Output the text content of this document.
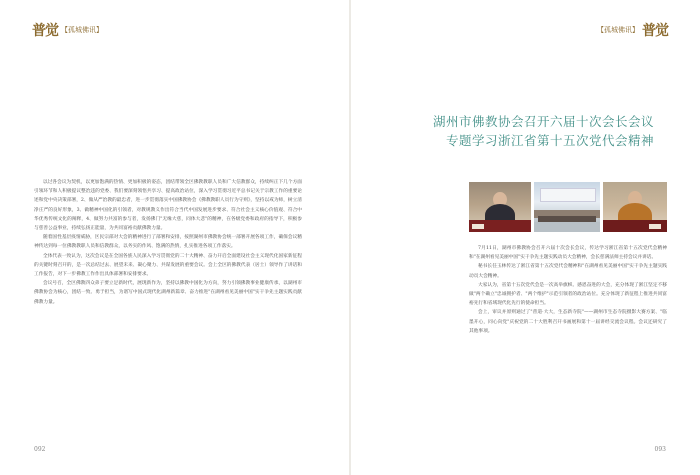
普觉 【孤城佛讯】	【孤城佛讯】 普觉
湖州市佛教协会召开六届十次会长会议
专题学习浙江省第十五次党代会精神

以过各会议为契机，以更加饱满的热情、更加积极的姿态，团结带领全区佛教教职人员和广大信教群众，持续纠正下几个方面引领环节和人积极提议整治违的党委、我们要深刻领悟共享习、提高政治站位，深入学习贯彻习近平总书记关于宗教工作的重要论述和党中央决策部署，2、做从严治教的最忠者，进一步贯彻落实中国佛教协会《佛教教职人员行为守则》，坚持以戒为师，树立清净庄严的良好形象，3、做精神中国化的引领者，对教规教义作出符合当代中国发展进步要求、符合社会主义核心价值观、符合中华优秀传统文化的阐释，4、做努力共富的参与者，发扬佛门"无缘大慈，同体大悲"的精神，在各级党委和政府的指导下，积极参与慈善公益事业，持续弘扬正能量，为共同富裕贡献佛教力量。

随着国性基层疫情威胁，区民宗部对大会的精神进行了部署和安排，按照湖州市佛教协会统一部署开展各项工作，确保会议精神传达到每一位佛教教职人员和信教群众，以务实的作风、饱满的热情，扎实推进各项工作落实。

全体代表一致认为，这次会议是在全国各族人民深入学习贯彻党的二十大精神、奋力开启全面建设社会主义现代化国家新征程的关键时刻召开的，是一次总结过去、展望未来、凝心聚力、共谋发展的重要会议。会上全区的佛教代表（居士）领导作了讲话和工作报告，对下一步佛教工作作出具体部署和安排要求。

会议号召，全区佛教四众弟子要立足新时代，展现新作为，坚持以佛教中国化为方向，努力引领佛教事业健康传承，以湖州市佛教协会为核心，团结一致、勇于担当，为谱写中国式现代化湖州新篇章、奋力推进"在湖州看见美丽中国"实干争先主题实践贡献佛教力量。

7月11日，湖州市佛教协会召开六届十次会长会议，传达学习浙江省第十五次党代会精神和"在湖州看见美丽中国"实干争先主题实践动员大会精神，会长慈满法师主持会议并讲话。

秘书长任玉林传达了浙江省第十五次党代会精神和"在湖州看见美丽中国"实干争先主题实践动员大会精神。

大家认为，省第十五次党代会是一次高举旗帜、感恩奋进的大会，充分体现了浙江坚定不移做"两个确立"忠诚拥护者、"两个维护"示范引领者的政治站位。充分体现了新征程上推进共同富裕先行和省域现代化先行的使命担当。

会上，审议并原则通过了"普道·大大，生态新寺院"——湖州市生态寺院摄影大赛方案、"临墨开心，同心向党"庆祝党的二十大胜利召开书画展和第十一届讲经交流会议程。会议还研究了其他事项。

092	093
